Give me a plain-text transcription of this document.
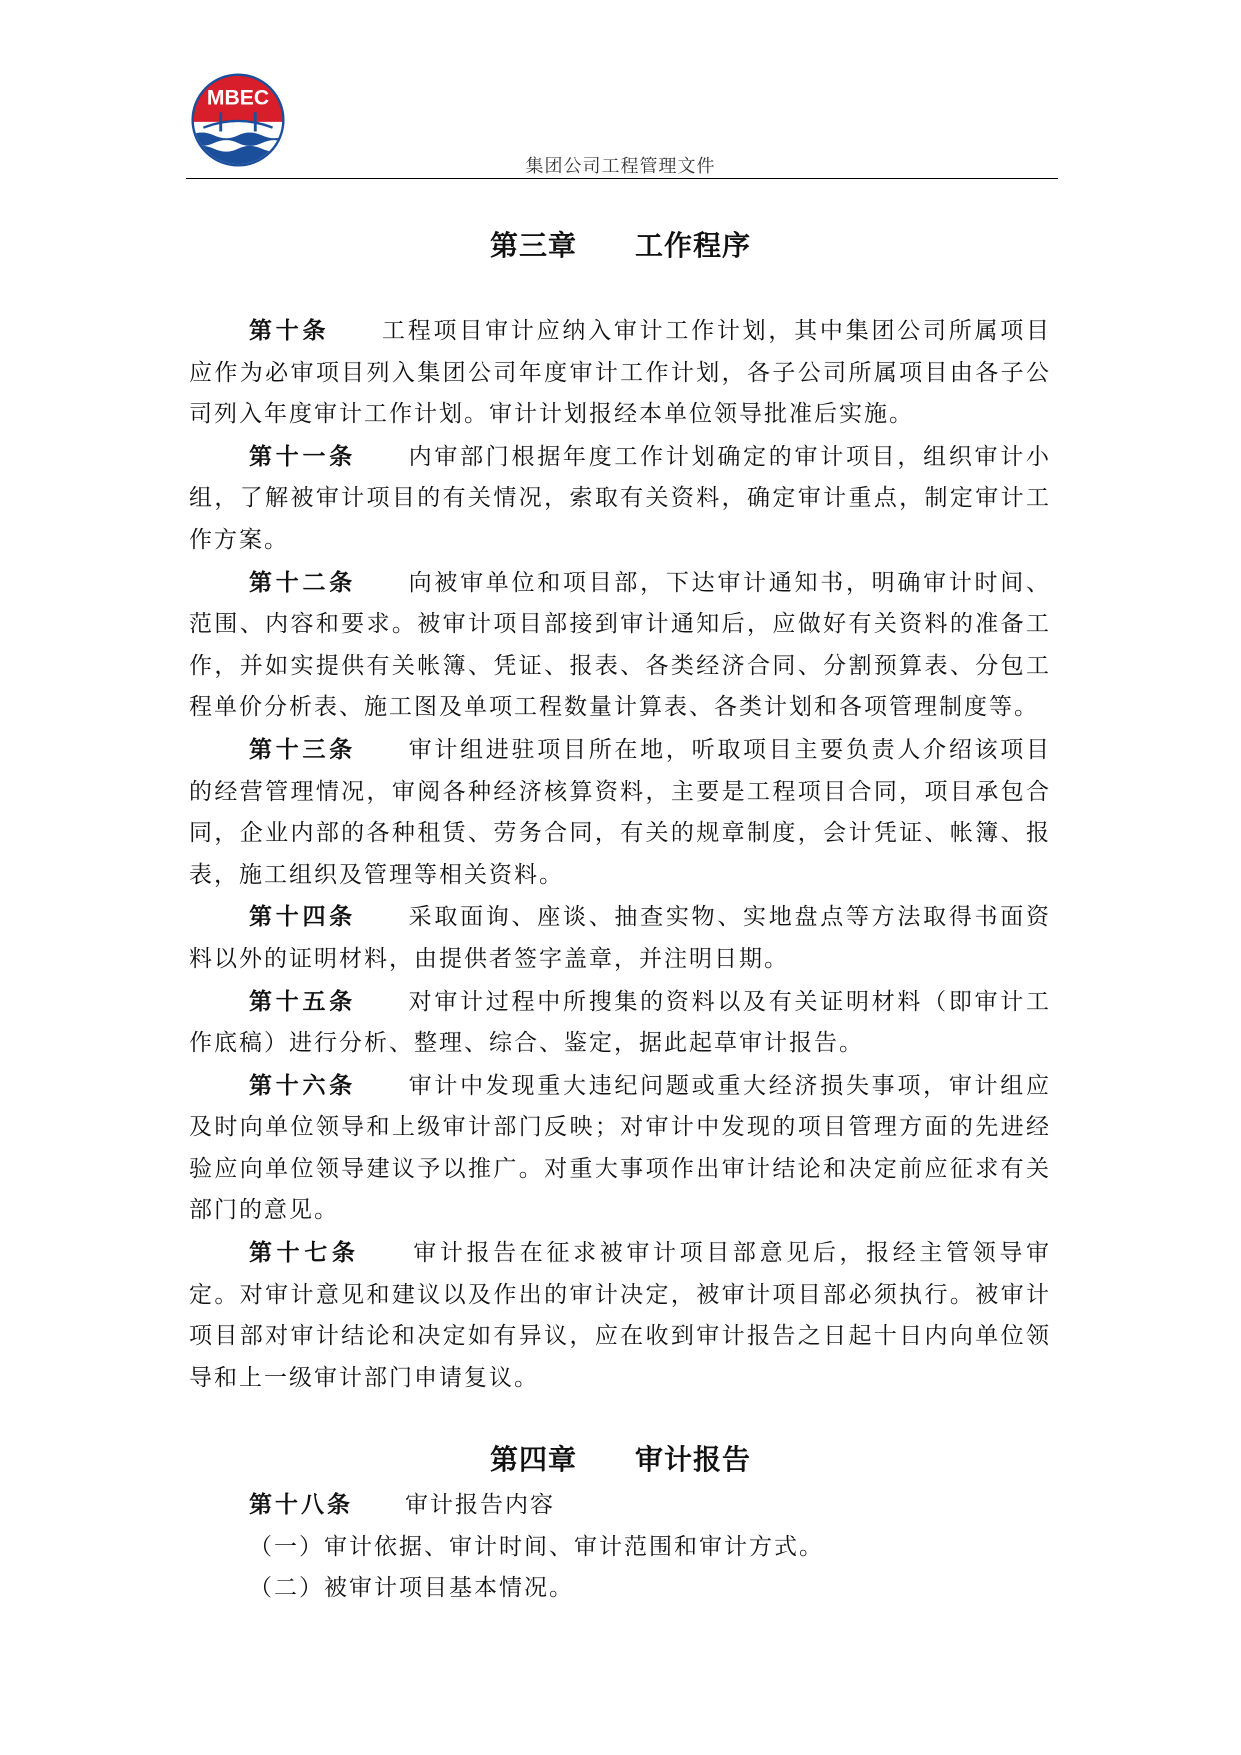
MBEC
集团公司工程管理文件
第三章 工作程序

第十条 工程项目审计应纳入审计工作计划，其中集团公司所属项目应作为必审项目列入集团公司年度审计工作计划，各子公司所属项目由各子公司列入年度审计工作计划。审计计划报经本单位领导批准后实施。

第十一条 内审部门根据年度工作计划确定的审计项目，组织审计小组，了解被审计项目的有关情况，索取有关资料，确定审计重点，制定审计工作方案。

第十二条 向被审单位和项目部，下达审计通知书，明确审计时间、范围、内容和要求。被审计项目部接到审计通知后，应做好有关资料的准备工作，并如实提供有关帐簿、凭证、报表、各类经济合同、分割预算表、分包工程单价分析表、施工图及单项工程数量计算表、各类计划和各项管理制度等。

第十三条 审计组进驻项目所在地，听取项目主要负责人介绍该项目的经营管理情况，审阅各种经济核算资料，主要是工程项目合同，项目承包合同，企业内部的各种租赁、劳务合同，有关的规章制度，会计凭证、帐簿、报表，施工组织及管理等相关资料。

第十四条 采取面询、座谈、抽查实物、实地盘点等方法取得书面资料以外的证明材料，由提供者签字盖章，并注明日期。

第十五条 对审计过程中所搜集的资料以及有关证明材料（即审计工作底稿）进行分析、整理、综合、鉴定，据此起草审计报告。

第十六条 审计中发现重大违纪问题或重大经济损失事项，审计组应及时向单位领导和上级审计部门反映；对审计中发现的项目管理方面的先进经验应向单位领导建议予以推广。对重大事项作出审计结论和决定前应征求有关部门的意见。

第十七条 审计报告在征求被审计项目部意见后，报经主管领导审定。对审计意见和建议以及作出的审计决定，被审计项目部必须执行。被审计项目部对审计结论和决定如有异议，应在收到审计报告之日起十日内向单位领导和上一级审计部门申请复议。

第四章 审计报告

第十八条 审计报告内容

（一）审计依据、审计时间、审计范围和审计方式。

（二）被审计项目基本情况。
